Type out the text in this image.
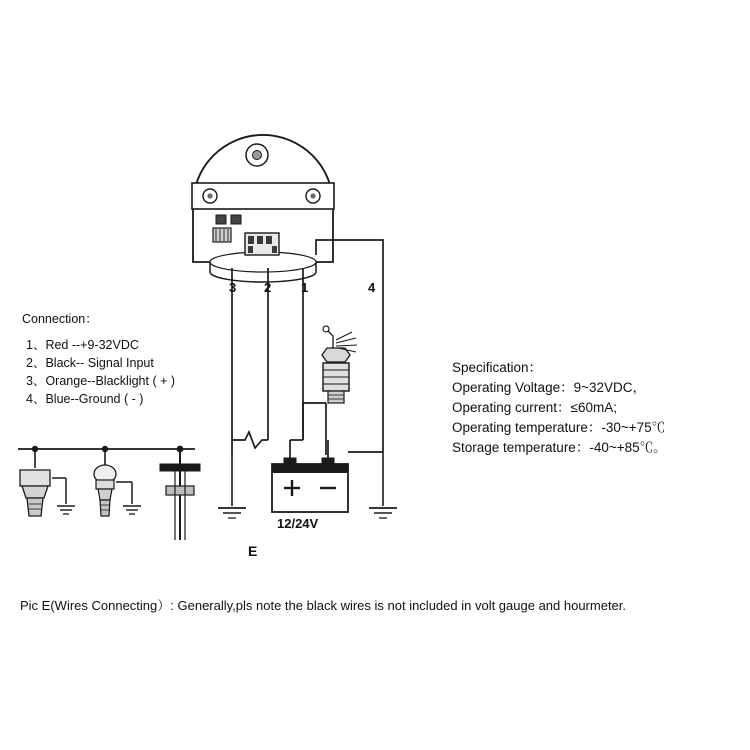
3 2 1	4
Connection：
1、Red --+9-32VDC
2、Black-- Signal Input
3、Orange--Blacklight ( + )
4、Blue--Ground ( - )
Specification：
Operating Voltage：9~32VDC，
Operating current：≤60mA;
Operating temperature：-30~+75℃
Storage temperature：-40~+85℃。
12/24V
E
Pic E(Wires Connecting）: Generally,pls note the black wires is not included in volt gauge and hourmeter.
